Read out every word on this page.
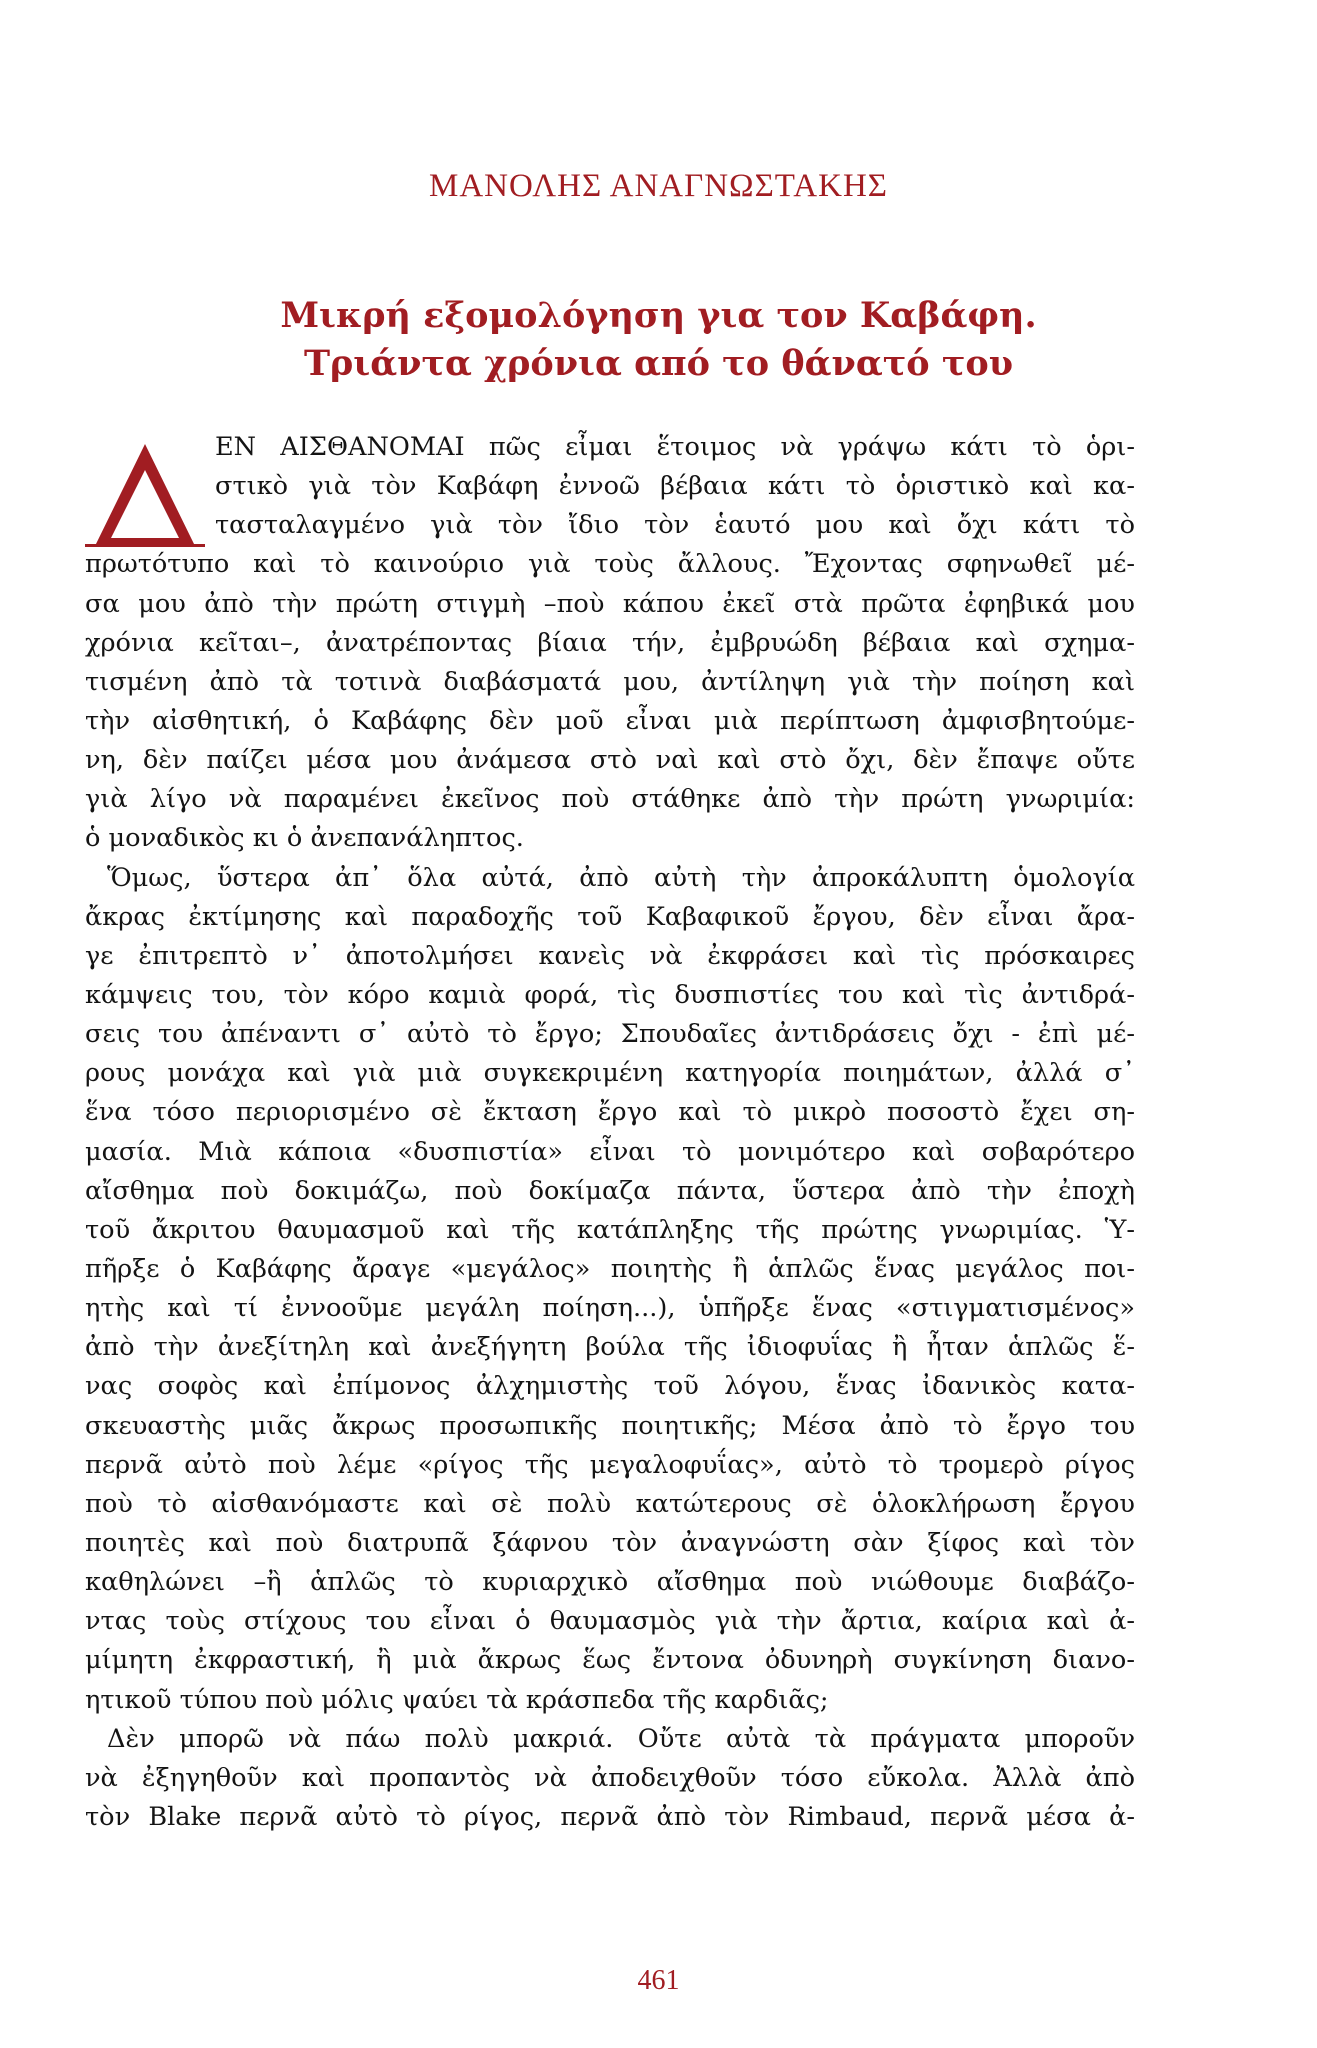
ΜΑΝΟΛΗΣ ΑΝΑΓΝΩΣΤΑΚΗΣ
Μικρή εξομολόγηση για τον Καβάφη.
Τριάντα χρόνια από το θάνατό του
Δ
ΕΝ ΑΙΣΘΑΝΟΜΑΙ πῶς εἶμαι ἕτοιμος νὰ γράψω κάτι τὸ ὁρι-
στικὸ γιὰ τὸν Καβάφη ἐννοῶ βέβαια κάτι τὸ ὁριστικὸ καὶ κα-
τασταλαγμένο γιὰ τὸν ἴδιο τὸν ἑαυτό μου καὶ ὄχι κάτι τὸ
πρωτότυπο καὶ τὸ καινούριο γιὰ τοὺς ἄλλους. Ἔχοντας σφηνωθεῖ μέ-
σα μου ἀπὸ τὴν πρώτη στιγμὴ –ποὺ κάπου ἐκεῖ στὰ πρῶτα ἐφηβικά μου
χρόνια κεῖται–, ἀνατρέποντας βίαια τήν, ἐμβρυώδη βέβαια καὶ σχημα-
τισμένη ἀπὸ τὰ τοτινὰ διαβάσματά μου, ἀντίληψη γιὰ τὴν ποίηση καὶ
τὴν αἰσθητική, ὁ Καβάφης δὲν μοῦ εἶναι μιὰ περίπτωση ἀμφισβητούμε-
νη, δὲν παίζει μέσα μου ἀνάμεσα στὸ ναὶ καὶ στὸ ὄχι, δὲν ἔπαψε οὔτε
γιὰ λίγο νὰ παραμένει ἐκεῖνος ποὺ στάθηκε ἀπὸ τὴν πρώτη γνωριμία:
ὁ μοναδικὸς κι ὁ ἀνεπανάληπτος.
Ὅμως, ὕστερα ἀπ᾽ ὅλα αὐτά, ἀπὸ αὐτὴ τὴν ἀπροκάλυπτη ὁμολογία
ἄκρας ἐκτίμησης καὶ παραδοχῆς τοῦ Καβαφικοῦ ἔργου, δὲν εἶναι ἄρα-
γε ἐπιτρεπτὸ ν᾽ ἀποτολμήσει κανεὶς νὰ ἐκφράσει καὶ τὶς πρόσκαιρες
κάμψεις του, τὸν κόρο καμιὰ φορά, τὶς δυσπιστίες του καὶ τὶς ἀντιδρά-
σεις του ἀπέναντι σ᾽ αὐτὸ τὸ ἔργο; Σπουδαῖες ἀντιδράσεις ὄχι - ἐπὶ μέ-
ρους μονάχα καὶ γιὰ μιὰ συγκεκριμένη κατηγορία ποιημάτων, ἀλλά σ᾽
ἕνα τόσο περιορισμένο σὲ ἔκταση ἔργο καὶ τὸ μικρὸ ποσοστὸ ἔχει ση-
μασία. Μιὰ κάποια «δυσπιστία» εἶναι τὸ μονιμότερο καὶ σοβαρότερο
αἴσθημα ποὺ δοκιμάζω, ποὺ δοκίμαζα πάντα, ὕστερα ἀπὸ τὴν ἐποχὴ
τοῦ ἄκριτου θαυμασμοῦ καὶ τῆς κατάπληξης τῆς πρώτης γνωριμίας. Ὑ-
πῆρξε ὁ Καβάφης ἄραγε «μεγάλος» ποιητὴς ἢ ἁπλῶς ἕνας μεγάλος ποι-
ητὴς καὶ τί ἐννοοῦμε μεγάλη ποίηση...), ὑπῆρξε ἕνας «στιγματισμένος»
ἀπὸ τὴν ἀνεξίτηλη καὶ ἀνεξήγητη βούλα τῆς ἰδιοφυΐας ἢ ἦταν ἁπλῶς ἕ-
νας σοφὸς καὶ ἐπίμονος ἀλχημιστὴς τοῦ λόγου, ἕνας ἰδανικὸς κατα-
σκευαστὴς μιᾶς ἄκρως προσωπικῆς ποιητικῆς; Μέσα ἀπὸ τὸ ἔργο του
περνᾶ αὐτὸ ποὺ λέμε «ρίγος τῆς μεγαλοφυΐας», αὐτὸ τὸ τρομερὸ ρίγος
ποὺ τὸ αἰσθανόμαστε καὶ σὲ πολὺ κατώτερους σὲ ὁλοκλήρωση ἔργου
ποιητὲς καὶ ποὺ διατρυπᾶ ξάφνου τὸν ἀναγνώστη σὰν ξίφος καὶ τὸν
καθηλώνει –ἢ ἁπλῶς τὸ κυριαρχικὸ αἴσθημα ποὺ νιώθουμε διαβάζο-
ντας τοὺς στίχους του εἶναι ὁ θαυμασμὸς γιὰ τὴν ἄρτια, καίρια καὶ ἀ-
μίμητη ἐκφραστική, ἢ μιὰ ἄκρως ἕως ἔντονα ὀδυνηρὴ συγκίνηση διανο-
ητικοῦ τύπου ποὺ μόλις ψαύει τὰ κράσπεδα τῆς καρδιᾶς;
Δὲν μπορῶ νὰ πάω πολὺ μακριά. Οὔτε αὐτὰ τὰ πράγματα μποροῦν
νὰ ἐξηγηθοῦν καὶ προπαντὸς νὰ ἀποδειχθοῦν τόσο εὔκολα. Ἀλλὰ ἀπὸ
τὸν Blake περνᾶ αὐτὸ τὸ ρίγος, περνᾶ ἀπὸ τὸν Rimbaud, περνᾶ μέσα ἀ-
461
